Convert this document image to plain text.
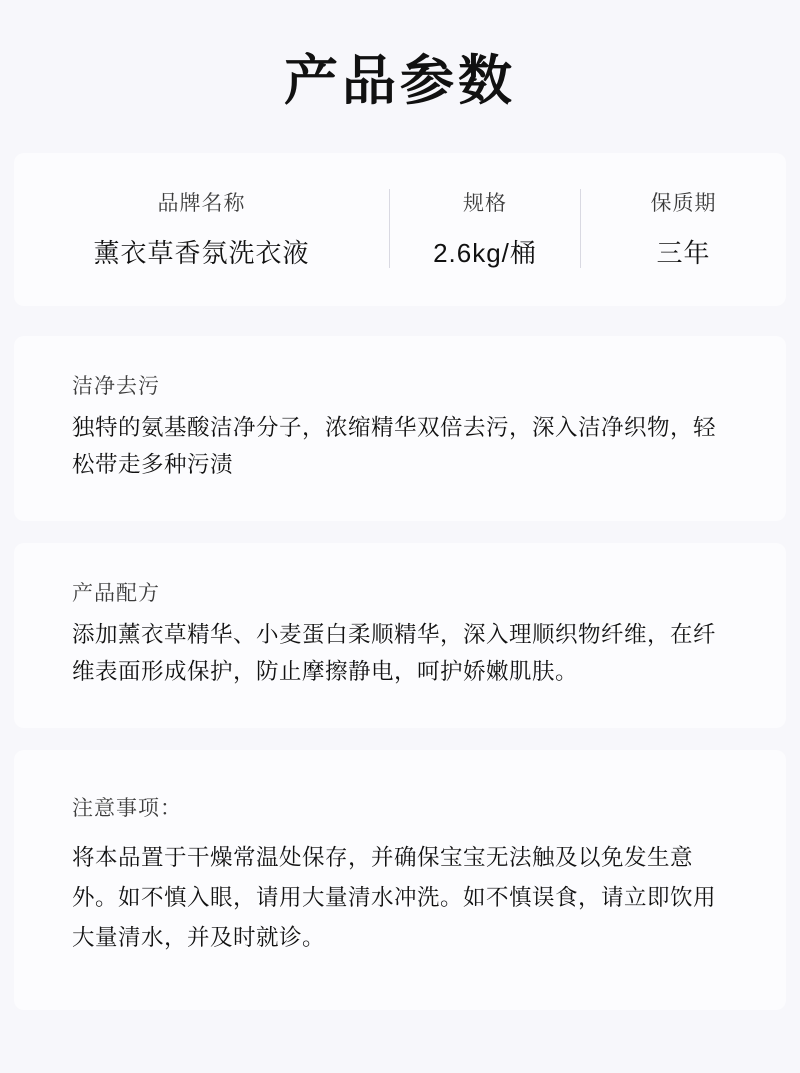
产品参数
品牌名称
薰衣草香氛洗衣液
规格
2.6kg/桶
保质期
三年
洁净去污
独特的氨基酸洁净分子，浓缩精华双倍去污，深入洁净织物，轻松带走多种污渍
产品配方
添加薰衣草精华、小麦蛋白柔顺精华，深入理顺织物纤维，在纤维表面形成保护，防止摩擦静电，呵护娇嫩肌肤。
注意事项：
将本品置于干燥常温处保存，并确保宝宝无法触及以免发生意外。如不慎入眼，请用大量清水冲洗。如不慎误食，请立即饮用大量清水，并及时就诊。
